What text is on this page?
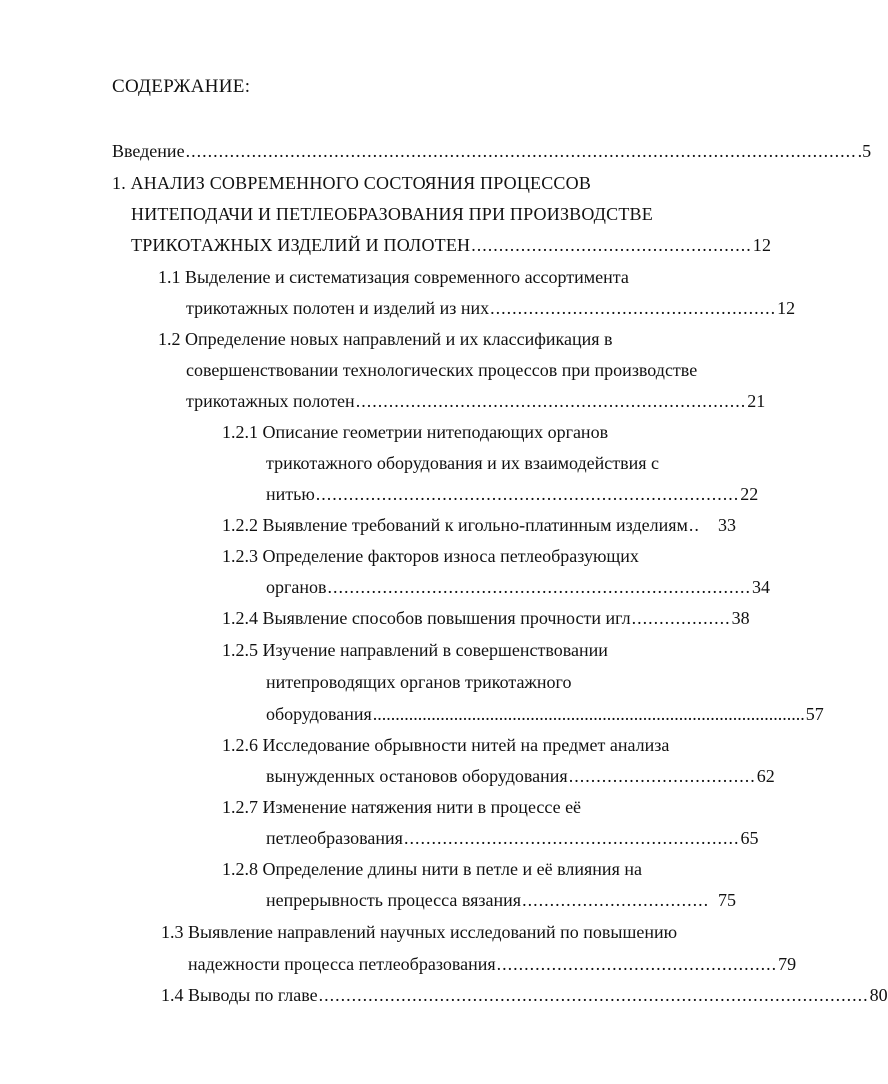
СОДЕРЖАНИЕ:
Введение .......................................................................................................................... .5
1. АНАЛИЗ СОВРЕМЕННОГО СОСТОЯНИЯ ПРОЦЕССОВ
НИТЕПОДАЧИ И ПЕТЛЕОБРАЗОВАНИЯ ПРИ ПРОИЗВОДСТВЕ
ТРИКОТАЖНЫХ ИЗДЕЛИЙ И ПОЛОТЕН ................................................... 12
1.1 Выделение и систематизация современного ассортимента
трикотажных полотен и изделий из них .................................................... 12
1.2 Определение новых направлений и их классификация в
совершенствовании технологических процессов при производстве
трикотажных полотен ....................................................................... 21
1.2.1 Описание геометрии нитеподающих органов
трикотажного оборудования и их взаимодействия с
нитью ............................................................................. 22
1.2.2 Выявление требований к игольно-платинным изделиям ..	33
1.2.3 Определение факторов износа петлеобразующих
органов ............................................................................. 34
1.2.4 Выявление способов повышения прочности игл .................. 38
1.2.5 Изучение направлений в совершенствовании
нитепроводящих органов трикотажного
оборудования ................................................................................................ 57
1.2.6 Исследование обрывности нитей на предмет анализа
вынужденных остановов оборудования .................................. 62
1.2.7 Изменение натяжения нити в процессе её
петлеобразования ............................................................. 65
1.2.8 Определение длины нити в петле и её влияния на
непрерывность процесса вязания .................................. 75
1.3 Выявление направлений научных исследований по повышению
надежности процесса петлеобразования ................................................... 79
1.4 Выводы по главе .................................................................................................... 80
